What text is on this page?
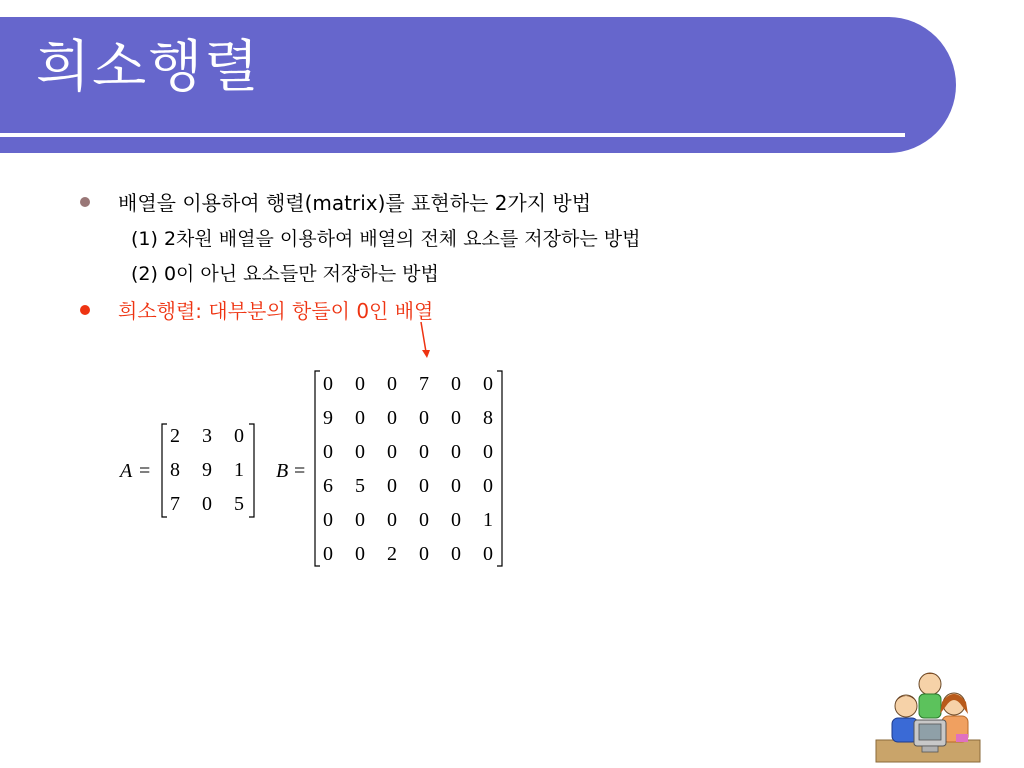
희소행렬
배열을 이용하여 행렬(matrix)를 표현하는 2가지 방법
(1) 2차원 배열을 이용하여 배열의 전체 요소를 저장하는 방법
(2) 0이 아닌 요소들만 저장하는 방법
희소행렬: 대부분의 항들이 0인 배열
A =
2 3 0
8 9 1
7 0 5
B =
0 0 0 7 0 0
9 0 0 0 0 8
0 0 0 0 0 0
6 5 0 0 0 0
0 0 0 0 0 1
0 0 2 0 0 0
